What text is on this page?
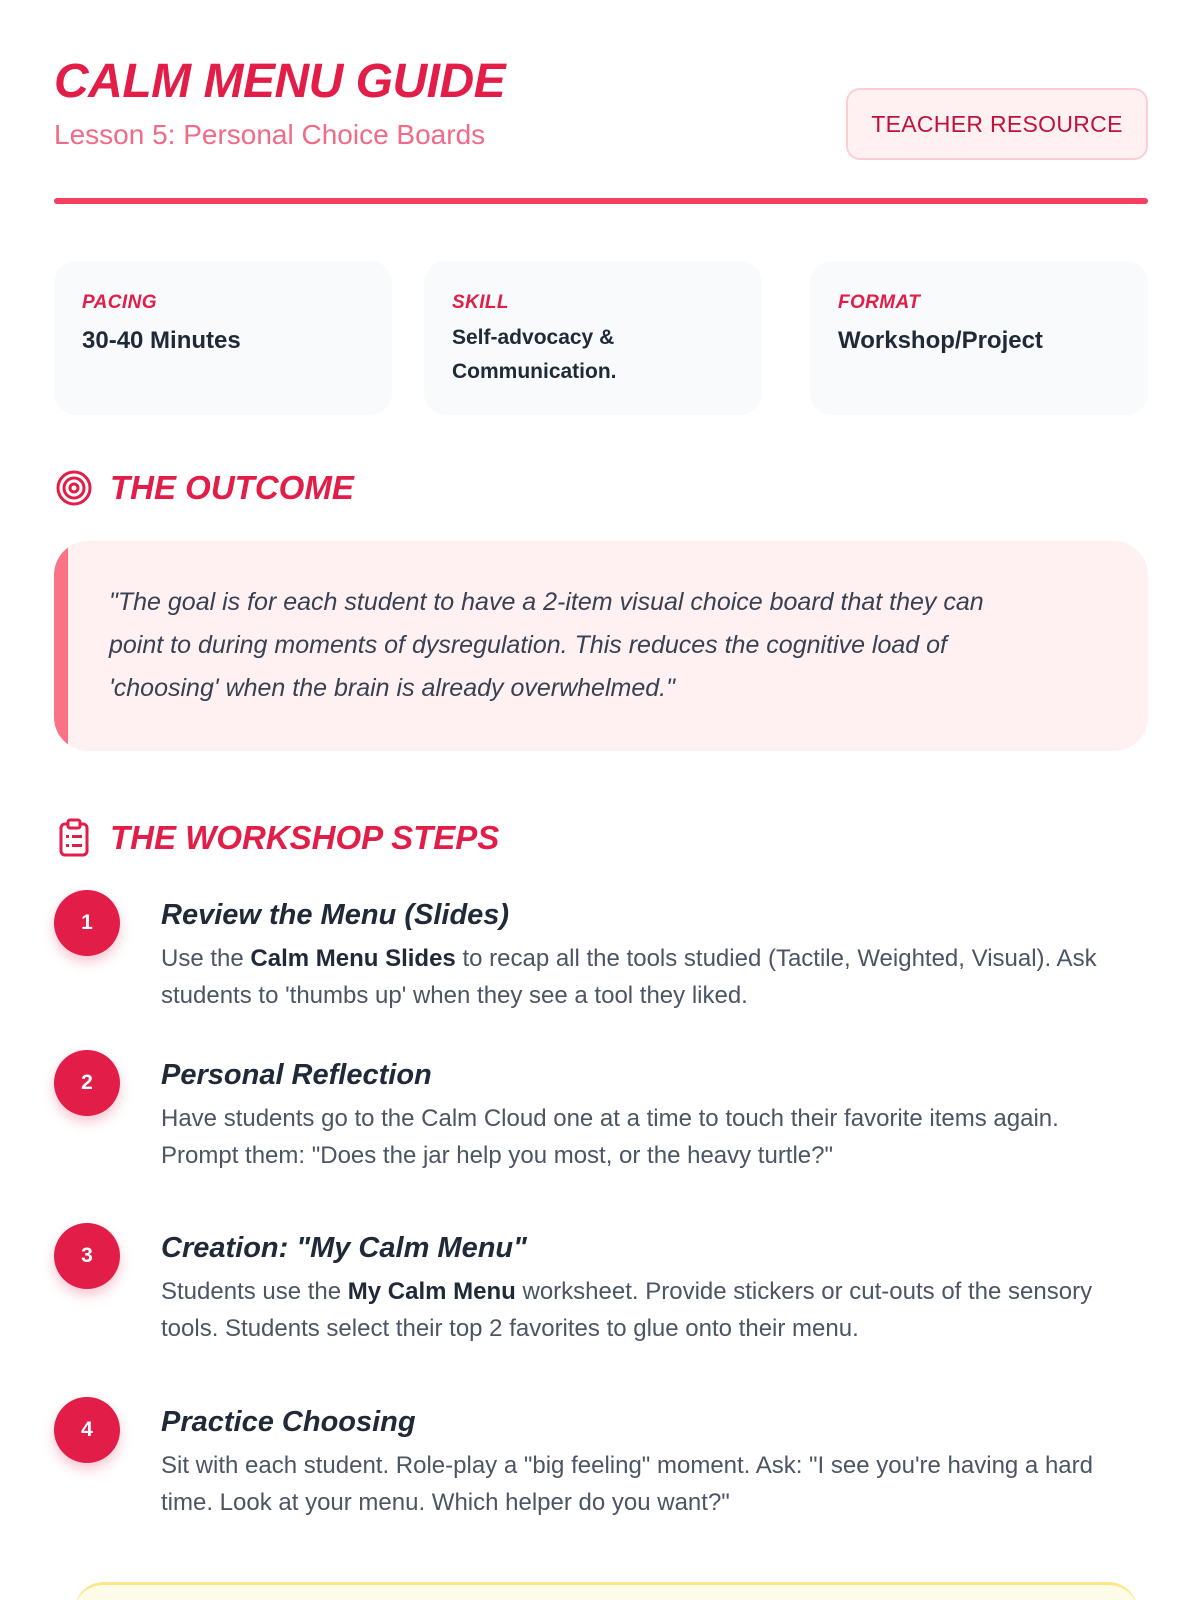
CALM MENU GUIDE
Lesson 5: Personal Choice Boards	TEACHER RESOURCE
PACING
30-40 Minutes
SKILL
Self-advocacy &
Communication.
FORMAT
Workshop/Project
THE OUTCOME
"The goal is for each student to have a 2-item visual choice board that they can
point to during moments of dysregulation. This reduces the cognitive load of
'choosing' when the brain is already overwhelmed."
THE WORKSHOP STEPS
1	Review the Menu (Slides)
Use the Calm Menu Slides to recap all the tools studied (Tactile, Weighted, Visual). Ask students to 'thumbs up' when they see a tool they liked.
2	Personal Reflection
Have students go to the Calm Cloud one at a time to touch their favorite items again. Prompt them: "Does the jar help you most, or the heavy turtle?"
3	Creation: "My Calm Menu"
Students use the My Calm Menu worksheet. Provide stickers or cut-outs of the sensory tools. Students select their top 2 favorites to glue onto their menu.
4	Practice Choosing
Sit with each student. Role-play a "big feeling" moment. Ask: "I see you're having a hard time. Look at your menu. Which helper do you want?"
